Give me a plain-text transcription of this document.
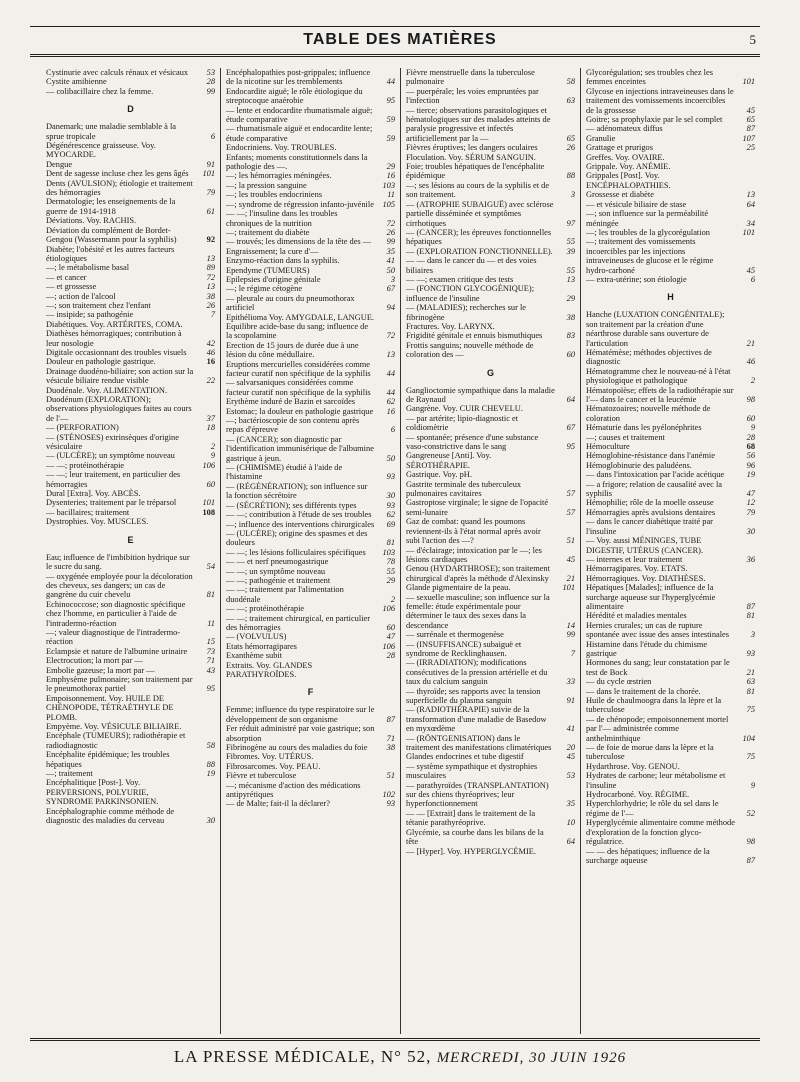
TABLE DES MATIÈRES	5
Cystinurie avec calculs rénaux et vésicaux	53
Cystite amibienne	28
— colibacillaire chez la femme.	99
D
Danemark; une maladie semblable à la sprue tropicale	6
Dégénérescence graisseuse. Voy. MYOCARDE.
Dengue	91
Dent de sagesse incluse chez les gens âgés	101
Dents (AVULSION); étiologie et traitement des hémorragies	79
Dermatologie; les enseignements de la guerre de 1914-1918	61
Déviations. Voy. RACHIS.
Déviation du complément de Bordet-Gengou (Wassermann pour la syphilis)	92
Diabète; l'obésité et les autres facteurs étiologiques	13
—; le métabolisme basal	89
— et cancer	72
— et grossesse	13
—; action de l'alcool	38
—; son traitement chez l'enfant	26
— insipide; sa pathogénie	7
Diabétiques. Voy. ARTÉRITES, COMA.
Diathèses hémorragiques; contribution à leur nosologie	42
Digitale occasionnant des troubles visuels	46
Douleur en pathologie gastrique.	16
Drainage duodéno-biliaire; son action sur la vésicule biliaire rendue visible	22
Duodénale. Voy. ALIMENTATION.
Duodénum (EXPLORATION); observations physiologiques faites au cours de l'—	37
— (PERFORATION)	18
— (STÉNOSES) extrinsèques d'origine vésiculaire	2
— (ULCÈRE); un symptôme nouveau	9
— —; protéinothérapie	106
— —; leur traitement, en particulier des hémorragies	60
Dural [Extra]. Voy. ABCÈS.
Dysenteries; traitement par le tréparsol	101
— bacillaires; traitement	108
Dystrophies. Voy. MUSCLES.
E
Eau; influence de l'imbibition hydrique sur le sucre du sang.	54
— oxygénée employée pour la décoloration des cheveux, ses dangers; un cas de gangrène du cuir chevelu	81
Echinococcose; son diagnostic spécifique chez l'homme, en particulier à l'aide de l'intradermo-réaction	11
—; valeur diagnostique de l'intradermo-réaction	15
Eclampsie et nature de l'albumine urinaire	73
Electrocution; la mort par —	71
Embolie gazeuse; la mort par —	43
Emphysème pulmonaire; son traitement par le pneumothorax partiel	95
Empoisonnement. Voy. HUILE DE CHÉNOPODE, TÉTRAÉTHYLE DE PLOMB.
Empyème. Voy. VÉSICULE BILIAIRE.
Encéphale (TUMEURS); radiothérapie et radiodiagnostic	58
Encéphalite épidémique; les troubles hépatiques	88
—; traitement	19
Encéphalitique [Post-]. Voy. PERVERSIONS, POLYURIE, SYNDROME PARKINSONIEN.
Encéphalographie comme méthode de diagnostic des maladies du cerveau	30
Encéphalopathies post-grippales; influence de la nicotine sur les tremblements	44
Endocardite aiguë; le rôle étiologique du streptocoque anaérobie	95
— lente et endocardite rhumatismale aiguë; étude comparative	59
— rhumatismale aiguë et endocardite lente; étude comparative	59
Endocriniens. Voy. TROUBLES.
Enfants; moments constitutionnels dans la pathologie des —.	29
—; les hémorragies méningées.	16
—; la pression sanguine	103
—; les troubles endocriniens	11
—; syndrome de régression infanto-juvénile	105
— —; l'insuline dans les troubles chroniques de la nutrition	72
—; traitement du diabète	26
— trouvés; les dimensions de la tête des —	99
Engraissement; la cure d'—	35
Enzymo-réaction dans la syphilis.	41
Ependyme (TUMEURS)	50
Epilepsies d'origine génitale	3
—; le régime cétogène	67
— pleurale au cours du pneumothorax artificiel	94
Epithélioma Voy. AMYGDALE, LANGUE.
Equilibre acide-base du sang; influence de la scopolamine	72
Erection de 15 jours de durée due à une lésion du cône médullaire.	13
Eruptions mercurielles considérées comme facteur curatif non spécifique de la syphilis	44
— salvarsaniques considérées comme facteur curatif non spécifique de la syphilis	44
Erythème induré de Bazin et sarcoïdes	62
Estomac; la douleur en pathologie gastrique	16
—; bactérioscopie de son contenu après repas d'épreuve	6
— (CANCER); son diagnostic par l'identification immunisérique de l'albumine gastrique à jeun.	50
— (CHIMISME) étudié à l'aide de l'histamine	93
— (RÉGÉNÉRATION); son influence sur la fonction sécrétoire	30
— (SÉCRÉTION); ses différents types	93
— —; contribution à l'étude de ses troubles	62
—; influence des interventions chirurgicales	69
— (ULCÈRE); origine des spasmes et des douleurs	81
— —; les lésions folliculaires spécifiques	103
— — et nerf pneumogastrique	78
— —; un symptôme nouveau	55
— —; pathogénie et traitement	29
— —; traitement par l'alimentation duodénale	2
— —; protéinothérapie	106
— —; traitement chirurgical, en particulier des hémorragies	60
— (VOLVULUS)	47
Etats hémorragipares	106
Exanthème subit	28
Extraits. Voy. GLANDES PARATHYROÏDES.
F
Femme; influence du type respiratoire sur le développement de son organisme	87
Fer réduit administré par voie gastrique; son absorption	71
Fibrinogène au cours des maladies du foie	38
Fibromes. Voy. UTÉRUS.
Fibrosarcomes. Voy. PEAU.
Fièvre et tuberculose	51
—; mécanisme d'action des médications antipyrétiques	102
— de Malte; fait-il la déclarer?	93
Fièvre menstruelle dans la tuberculose pulmonaire	58
— puerpérale; les voies empruntées par l'infection	63
— tierce; observations parasitologiques et hématologiques sur des malades atteints de paralysie progressive et infectés artificiellement par la —	65
Fièvres éruptives; les dangers oculaires	26
Floculation. Voy. SÉRUM SANGUIN.
Foie; troubles hépatiques de l'encéphalite épidémique	88
—; ses lésions au cours de la syphilis et de son traitement.	3
— (ATROPHIE SUBAIGUË) avec sclérose partielle disséminée et symptômes cirrhotiques	97
— (CANCER); les épreuves fonctionnelles hépatiques	55
— (EXPLORATION FONCTIONNELLE).	39
— — dans le cancer du — et des voies biliaires	55
— —; examen critique des tests	13
— (FONCTION GLYCOGÉNIQUE); influence de l'insuline	29
— (MALADIES); recherches sur le fibrinogène	38
Fractures. Voy. LARYNX.
Frigidité génitale et ennuis bismuthiques	83
Frottis sanguins; nouvelle méthode de coloration des —	60
G
Ganglioctomie sympathique dans la maladie de Raynaud	64
Gangrène. Voy. CUIR CHEVELU.
— par artérite; lipio-diagnostic et coldiomètrie	67
— spontanée; présence d'une substance vaso-constrictive dans le sang	95
Gangreneuse [Anti]. Voy. SÉROTHÉRAPIE.
Gastrique. Voy. pH.
Gastrite terminale des tuberculeux pulmonaires cavitaires	57
Gastroptose virginale; le signe de l'opacité semi-lunaire	57
Gaz de combat: quand les poumons reviennent-ils à l'état normal après avoir subi l'action des —?	51
— d'éclairage; intoxication par le —; les lésions cardiaques	45
Genou (HYDARTHROSE); son traitement chirurgical d'après la méthode d'Alexinsky	21
Glande pigmentaire de la peau.	101
— sexuelle masculine; son influence sur la femelle: étude expérimentale pour déterminer le taux des sexes dans la descendance	14
— surrénale et thermogenèse	99
— (INSUFFISANCE) subaiguë et syndrome de Recklinghausen.	7
— (IRRADIATION); modifications consécutives de la pression artérielle et du taux du calcium sanguin	33
— thyroïde; ses rapports avec la tension superficielle du plasma sanguin	91
— (RADIOTHÉRAPIE) suivie de la transformation d'une maladie de Basedow en myxœdème	41
— (RÖNTGENISATION) dans le traitement des manifestations climatériques	20
Glandes endocrines et tube digestif	45
— système sympathique et dystrophies musculaires	53
— parathyroïdes (TRANSPLANTATION) sur des chiens thyréoprives; leur hyperfonctionnement	35
— — [Extrait] dans le traitement de la tétanie parathyréoprive.	10
Glycémie, sa courbe dans les bilans de la tête	64
— [Hyper]. Voy. HYPERGLYCÉMIE.
Glycorégulation; ses troubles chez les femmes enceintes	101
Glycose en injections intraveineuses dans le traitement des vomissements incoercibles de la grossesse	45
Goitre; sa prophylaxie par le sel complet	65
— adénomateux diffus	87
Granulie	107
Grattage et prurigos	25
Greffes. Voy. OVAIRE.
Grippale. Voy. ANÉMIE.
Grippales [Post]. Voy. ENCÉPHALOPATHIES.
Grossesse et diabète	13
— et vésicule biliaire de stase	64
—; son influence sur la perméabilité méningée	34
—; les troubles de la glycorégulation	101
—; traitement des vomissements incoercibles par les injections intraveineuses de glucose et le régime hydro-carboné	45
— extra-utérine; son étiologie	6
H
Hanche (LUXATION CONGÉNITALE); son traitement par la création d'une néarthrose durable sans ouverture de l'articulation	21
Hématémèse; méthodes objectives de diagnostic	46
Hématogramme chez le nouveau-né à l'état physiologique et pathologique	2
Hématopoïèse; effets de la radiothérapie sur l'— dans le cancer et la leucémie	98
Hématozoaires; nouvelle méthode de coloration	60
Hématurie dans les pyélonéphrites	9
—; causes et traitement	28
Hémoculture	68
Hémoglobine-résistance dans l'anémie	56
Hémoglobinurie des paludéens.	96
— dans l'intoxication par l'acide acétique	19
— a frigore; relation de causalité avec la syphilis	47
Hémophilie; rôle de la moelle osseuse	12
Hémorragies après avulsions dentaires	79
— dans le cancer diabétique traité par l'insuline	30
— Voy. aussi MÉNINGES, TUBE DIGESTIF, UTÉRUS (CANCER).
— internes et leur traitement	36
Hémorragipares. Voy. ETATS.
Hémorragiques. Voy. DIATHÈSES.
Hépatiques [Malades]; influence de la surcharge aqueuse sur l'hyperglycémie alimentaire	87
Hérédité et maladies mentales	81
Hernies crurales; un cas de rupture spontanée avec issue des anses intestinales	3
Histamine dans l'étude du chimisme gastrique	93
Hormones du sang; leur constatation par le test de Bock	21
— du cycle œstrien	63
— dans le traitement de la chorée.	81
Huile de chaulmoogra dans la lèpre et la tuberculose	75
— de chénopode; empoisonnement mortel par l'— administrée comme anthelminthique	104
— de foie de morue dans la lèpre et la tuberculose	75
Hydarthrose. Voy. GENOU.
Hydrates de carbone; leur métabolisme et l'insuline	9
Hydrocarboné. Voy. RÉGIME.
Hyperchlorhydrie; le rôle du sel dans le régime de l'—	52
Hyperglycémie alimentaire comme méthode d'exploration de la fonction glyco-régulatrice.	98
— — des hépatiques; influence de la surcharge aqueuse	87
LA PRESSE MÉDICALE, N° 52, MERCREDI, 30 JUIN 1926
